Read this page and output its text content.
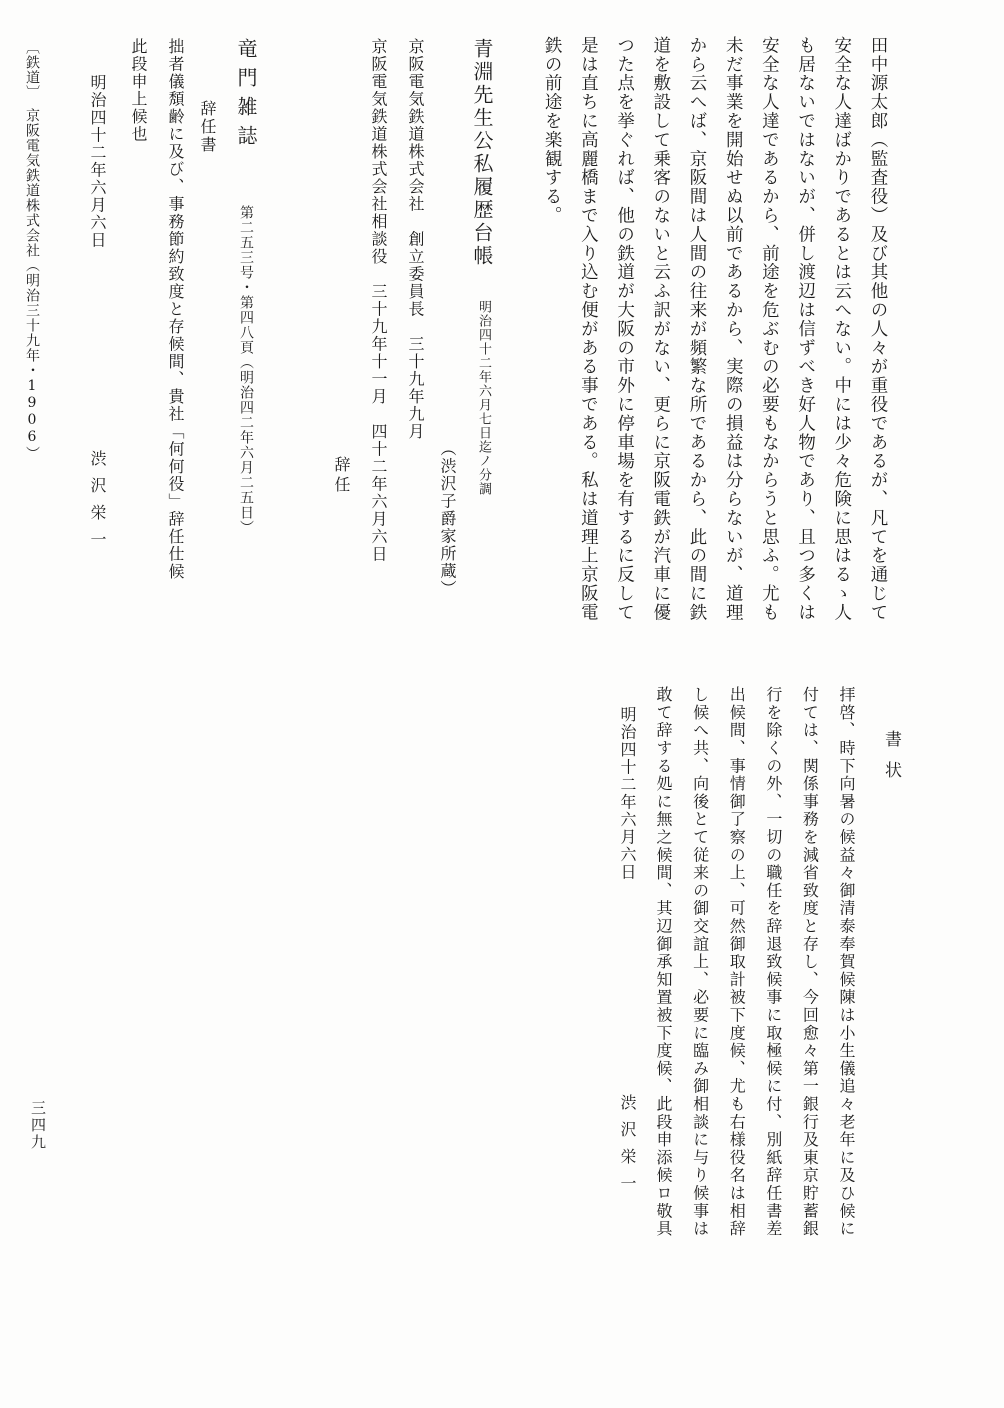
田中源太郎（監査役）及び其他の人々が重役であるが、凡てを通じて
安全な人達ばかりであるとは云へない。中には少々危険に思はるゝ人
も居ないではないが、併し渡辺は信ずべき好人物であり、且つ多くは
安全な人達であるから、前途を危ぶむの必要もなからうと思ふ。尤も
未だ事業を開始せぬ以前であるから、実際の損益は分らないが、道理
から云へば、京阪間は人間の往来が頻繁な所であるから、此の間に鉄
道を敷設して乗客のないと云ふ訳がない、更らに京阪電鉄が汽車に優
つた点を挙ぐれば、他の鉄道が大阪の市外に停車場を有するに反して
是は直ちに高麗橋まで入り込む便がある事である。私は道理上京阪電
鉄の前途を楽観する。
青淵先生公私履歴台帳
明治四十二年六月七日迄ノ分調
（渋沢子爵家所蔵）
京阪電気鉄道株式会社　創立委員長　三十九年九月
京阪電気鉄道株式会社相談役　三十九年十一月　四十二年六月六日
辞任
竜門雑誌
第二五三号・第四八頁（明治四二年六月二五日）
辞任書
拙者儀頽齢に及び、事務節約致度と存候間、貴社「何何役」辞任仕候
此段申上候也
明治四十二年六月六日
渋沢栄一
〔鉄道〕　京阪電気鉄道株式会社（明治三十九年・1906）
書状
拝啓、時下向暑の候益々御清泰奉賀候陳は小生儀追々老年に及ひ候に
付ては、関係事務を減省致度と存し、今回愈々第一銀行及東京貯蓄銀
行を除くの外、一切の職任を辞退致候事に取極候に付、別紙辞任書差
出候間、事情御了察の上、可然御取計被下度候、尤も右様役名は相辞
し候へ共、向後とて従来の御交誼上、必要に臨み御相談に与り候事は
敢て辞する処に無之候間、其辺御承知置被下度候、此段申添候ロ敬具
明治四十二年六月六日
渋沢栄一
三四九
